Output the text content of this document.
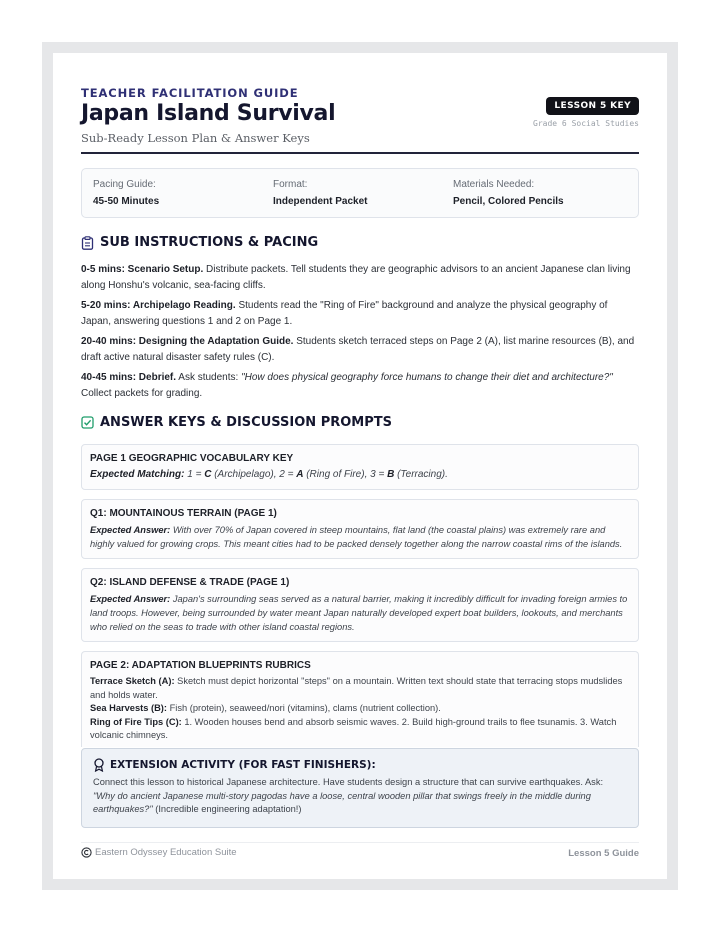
TEACHER FACILITATION GUIDE
Japan Island Survival
Sub-Ready Lesson Plan & Answer Keys
LESSON 5 KEY
Grade 6 Social Studies
Pacing Guide:
45-50 Minutes
Format:
Independent Packet
Materials Needed:
Pencil, Colored Pencils
SUB INSTRUCTIONS & PACING
0-5 mins: Scenario Setup. Distribute packets. Tell students they are geographic advisors to an ancient Japanese clan living along Honshu's volcanic, sea-facing cliffs.
5-20 mins: Archipelago Reading. Students read the "Ring of Fire" background and analyze the physical geography of Japan, answering questions 1 and 2 on Page 1.
20-40 mins: Designing the Adaptation Guide. Students sketch terraced steps on Page 2 (A), list marine resources (B), and draft active natural disaster safety rules (C).
40-45 mins: Debrief. Ask students: "How does physical geography force humans to change their diet and architecture?" Collect packets for grading.
ANSWER KEYS & DISCUSSION PROMPTS
PAGE 1 GEOGRAPHIC VOCABULARY KEY
Expected Matching: 1 = C (Archipelago), 2 = A (Ring of Fire), 3 = B (Terracing).
Q1: MOUNTAINOUS TERRAIN (PAGE 1)
Expected Answer: With over 70% of Japan covered in steep mountains, flat land (the coastal plains) was extremely rare and highly valued for growing crops. This meant cities had to be packed densely together along the narrow coastal rims of the islands.
Q2: ISLAND DEFENSE & TRADE (PAGE 1)
Expected Answer: Japan's surrounding seas served as a natural barrier, making it incredibly difficult for invading foreign armies to land troops. However, being surrounded by water meant Japan naturally developed expert boat builders, lookouts, and merchants who relied on the seas to trade with other island coastal regions.
PAGE 2: ADAPTATION BLUEPRINTS RUBRICS
Terrace Sketch (A): Sketch must depict horizontal "steps" on a mountain. Written text should state that terracing stops mudslides and holds water.
Sea Harvests (B): Fish (protein), seaweed/nori (vitamins), clams (nutrient collection).
Ring of Fire Tips (C): 1. Wooden houses bend and absorb seismic waves. 2. Build high-ground trails to flee tsunamis. 3. Watch volcanic chimneys.
EXTENSION ACTIVITY (FOR FAST FINISHERS):
Connect this lesson to historical Japanese architecture. Have students design a structure that can survive earthquakes. Ask: "Why do ancient Japanese multi-story pagodas have a loose, central wooden pillar that swings freely in the middle during earthquakes?" (Incredible engineering adaptation!)
Eastern Odyssey Education Suite	Lesson 5 Guide
